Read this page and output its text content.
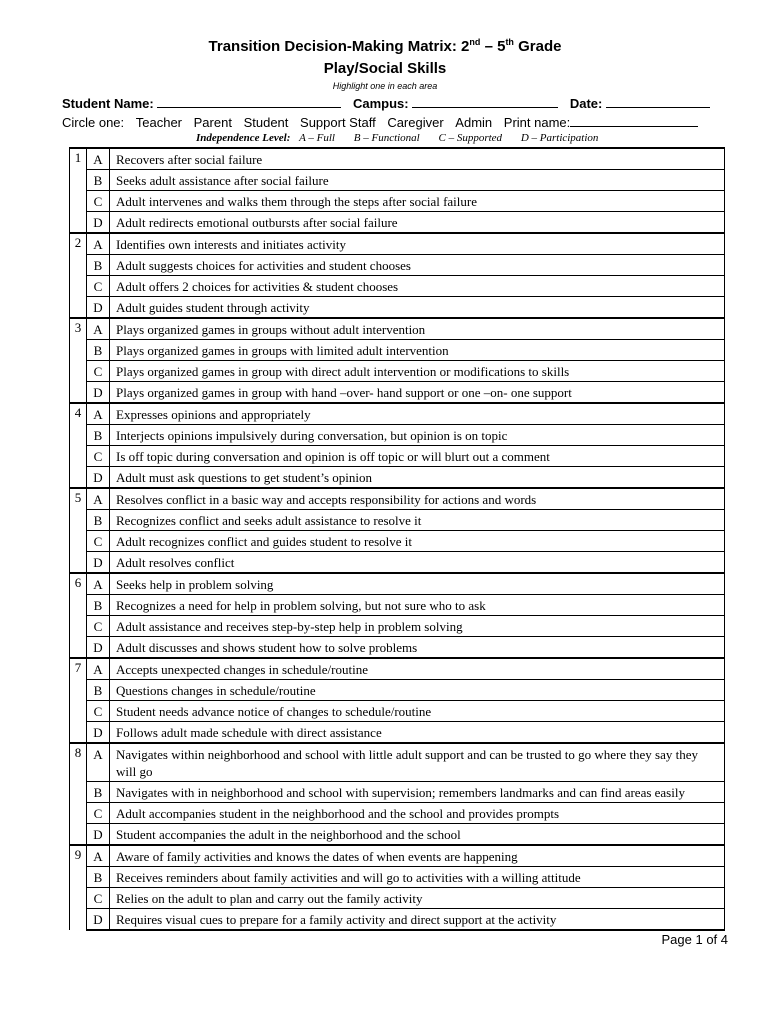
Transition Decision-Making Matrix: 2nd – 5th Grade
Play/Social Skills
Highlight one in each area
Student Name:	Campus:	Date:
Circle one: Teacher Parent Student Support Staff Caregiver Admin Print name:
Independence Level: A – Full B – Functional C – Supported D – Participation
1	A	Recovers after social failure
	B	Seeks adult assistance after social failure
	C	Adult intervenes and walks them through the steps after social failure
	D	Adult redirects emotional outbursts after social failure
2	A	Identifies own interests and initiates activity
	B	Adult suggests choices for activities and student chooses
	C	Adult offers 2 choices for activities & student chooses
	D	Adult guides student through activity
3	A	Plays organized games in groups without adult intervention
	B	Plays organized games in groups with limited adult intervention
	C	Plays organized games in group with direct adult intervention or modifications to skills
	D	Plays organized games in group with hand –over- hand support or one –on- one support
4	A	Expresses opinions and appropriately
	B	Interjects opinions impulsively during conversation, but opinion is on topic
	C	Is off topic during conversation and opinion is off topic or will blurt out a comment
	D	Adult must ask questions to get student’s opinion
5	A	Resolves conflict in a basic way and accepts responsibility for actions and words
	B	Recognizes conflict and seeks adult assistance to resolve it
	C	Adult recognizes conflict and guides student to resolve it
	D	Adult resolves conflict
6	A	Seeks help in problem solving
	B	Recognizes a need for help in problem solving, but not sure who to ask
	C	Adult assistance and receives step-by-step help in problem solving
	D	Adult discusses and shows student how to solve problems
7	A	Accepts unexpected changes in schedule/routine
	B	Questions changes in schedule/routine
	C	Student needs advance notice of changes to schedule/routine
	D	Follows adult made schedule with direct assistance
8	A	Navigates within neighborhood and school with little adult support and can be trusted to go where they say they will go
	B	Navigates with in neighborhood and school with supervision; remembers landmarks and can find areas easily
	C	Adult accompanies student in the neighborhood and the school and provides prompts
	D	Student accompanies the adult in the neighborhood and the school
9	A	Aware of family activities and knows the dates of when events are happening
	B	Receives reminders about family activities and will go to activities with a willing attitude
	C	Relies on the adult to plan and carry out the family activity
	D	Requires visual cues to prepare for a family activity and direct support at the activity
Page 1 of 4
